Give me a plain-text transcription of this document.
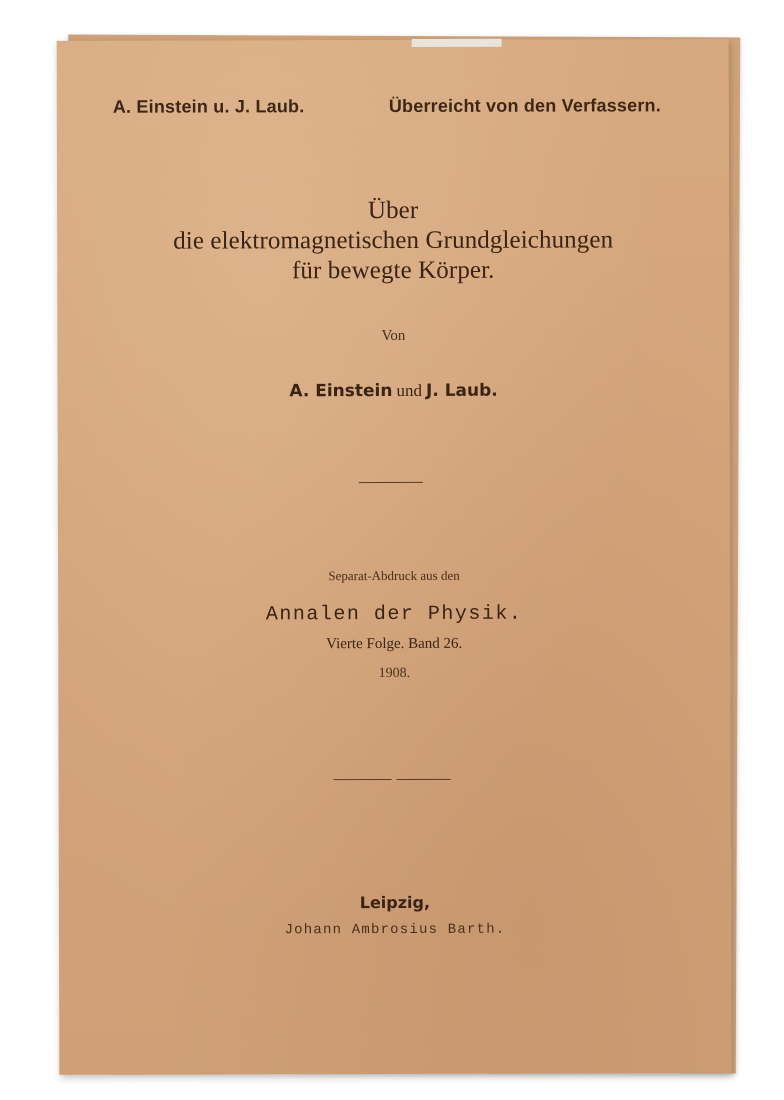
A. Einstein u. J. Laub.	Überreicht von den Verfassern.
Über
die elektromagnetischen Grundgleichungen
für bewegte Körper.
Von
A. Einstein und J. Laub.
Separat-Abdruck aus den
Annalen der Physik.
Vierte Folge. Band 26.
1908.
Leipzig,
Johann Ambrosius Barth.
